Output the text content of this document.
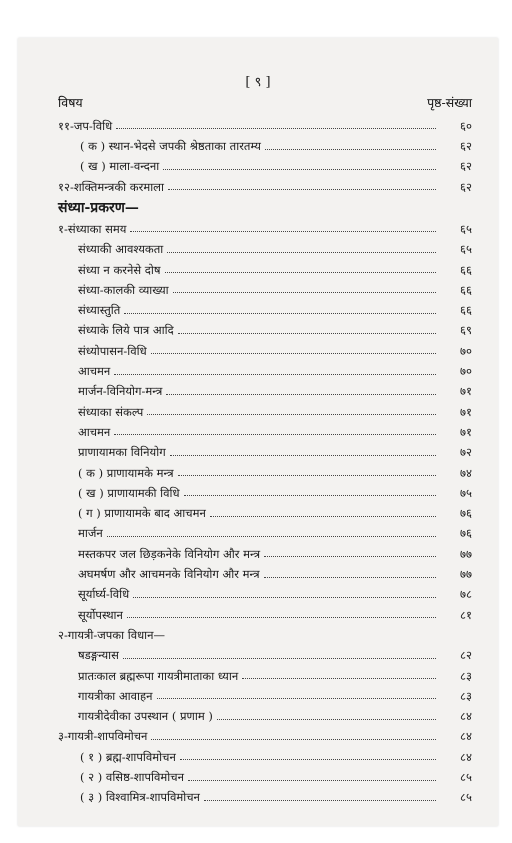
[ ९ ]
विषय	पृष्ठ-संख्या
११-जप-विधि	६०
( क ) स्थान-भेदसे जपकी श्रेष्ठताका तारतम्य	६२
( ख ) माला-वन्दना	६२
१२-शक्तिमन्त्रकी करमाला	६२
संध्या-प्रकरण—
१-संध्याका समय	६५
संध्याकी आवश्यकता	६५
संध्या न करनेसे दोष	६६
संध्या-कालकी व्याख्या	६६
संध्यास्तुति	६६
संध्याके लिये पात्र आदि	६९
संध्योपासन-विधि	७०
आचमन	७०
मार्जन-विनियोग-मन्त्र	७१
संध्याका संकल्प	७१
आचमन	७१
प्राणायामका विनियोग	७२
( क ) प्राणायामके मन्त्र	७४
( ख ) प्राणायामकी विधि	७५
( ग ) प्राणायामके बाद आचमन	७६
मार्जन	७६
मस्तकपर जल छिड़कनेके विनियोग और मन्त्र	७७
अघमर्षण और आचमनके विनियोग और मन्त्र	७७
सूर्यार्घ्य-विधि	७८
सूर्योपस्थान	८१
२-गायत्री-जपका विधान—
षडङ्गन्यास	८२
प्रातःकाल ब्रह्मरूपा गायत्रीमाताका ध्यान	८३
गायत्रीका आवाहन	८३
गायत्रीदेवीका उपस्थान ( प्रणाम )	८४
३-गायत्री-शापविमोचन	८४
( १ ) ब्रह्म-शापविमोचन	८४
( २ ) वसिष्ठ-शापविमोचन	८५
( ३ ) विश्वामित्र-शापविमोचन	८५
